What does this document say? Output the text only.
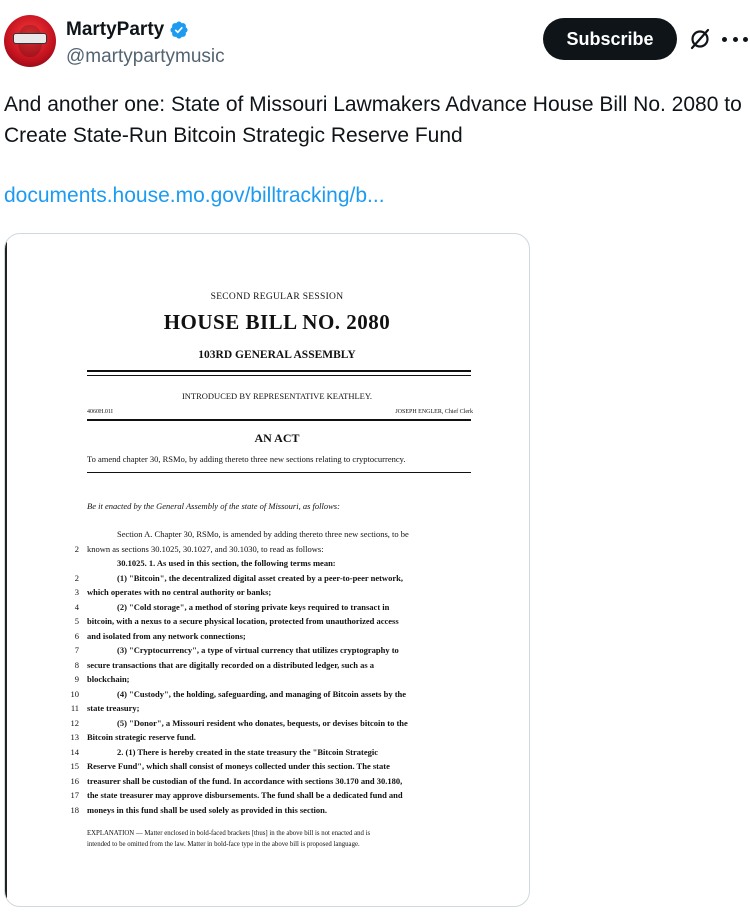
MartyParty
@martypartymusic
Subscribe
And another one: State of Missouri Lawmakers Advance House Bill No. 2080 to Create State-Run Bitcoin Strategic Reserve Fund
documents.house.mo.gov/billtracking/b...
SECOND REGULAR SESSION
HOUSE BILL NO. 2080
103RD GENERAL ASSEMBLY
INTRODUCED BY REPRESENTATIVE KEATHLEY.
4060H.01I	JOSEPH ENGLER, Chief Clerk
AN ACT
To amend chapter 30, RSMo, by adding thereto three new sections relating to cryptocurrency.
Be it enacted by the General Assembly of the state of Missouri, as follows:
Section A. Chapter 30, RSMo, is amended by adding thereto three new sections, to be
2 known as sections 30.1025, 30.1027, and 30.1030, to read as follows:
30.1025. 1. As used in this section, the following terms mean:
2	(1) "Bitcoin", the decentralized digital asset created by a peer-to-peer network,
3 which operates with no central authority or banks;
4	(2) "Cold storage", a method of storing private keys required to transact in
5 bitcoin, with a nexus to a secure physical location, protected from unauthorized access
6 and isolated from any network connections;
7	(3) "Cryptocurrency", a type of virtual currency that utilizes cryptography to
8 secure transactions that are digitally recorded on a distributed ledger, such as a
9 blockchain;
10	(4) "Custody", the holding, safeguarding, and managing of Bitcoin assets by the
11 state treasury;
12	(5) "Donor", a Missouri resident who donates, bequests, or devises bitcoin to the
13 Bitcoin strategic reserve fund.
14	2. (1) There is hereby created in the state treasury the "Bitcoin Strategic
15 Reserve Fund", which shall consist of moneys collected under this section. The state
16 treasurer shall be custodian of the fund. In accordance with sections 30.170 and 30.180,
17 the state treasurer may approve disbursements. The fund shall be a dedicated fund and
18 moneys in this fund shall be used solely as provided in this section.
EXPLANATION — Matter enclosed in bold-faced brackets [thus] in the above bill is not enacted and is
intended to be omitted from the law. Matter in bold-face type in the above bill is proposed language.
